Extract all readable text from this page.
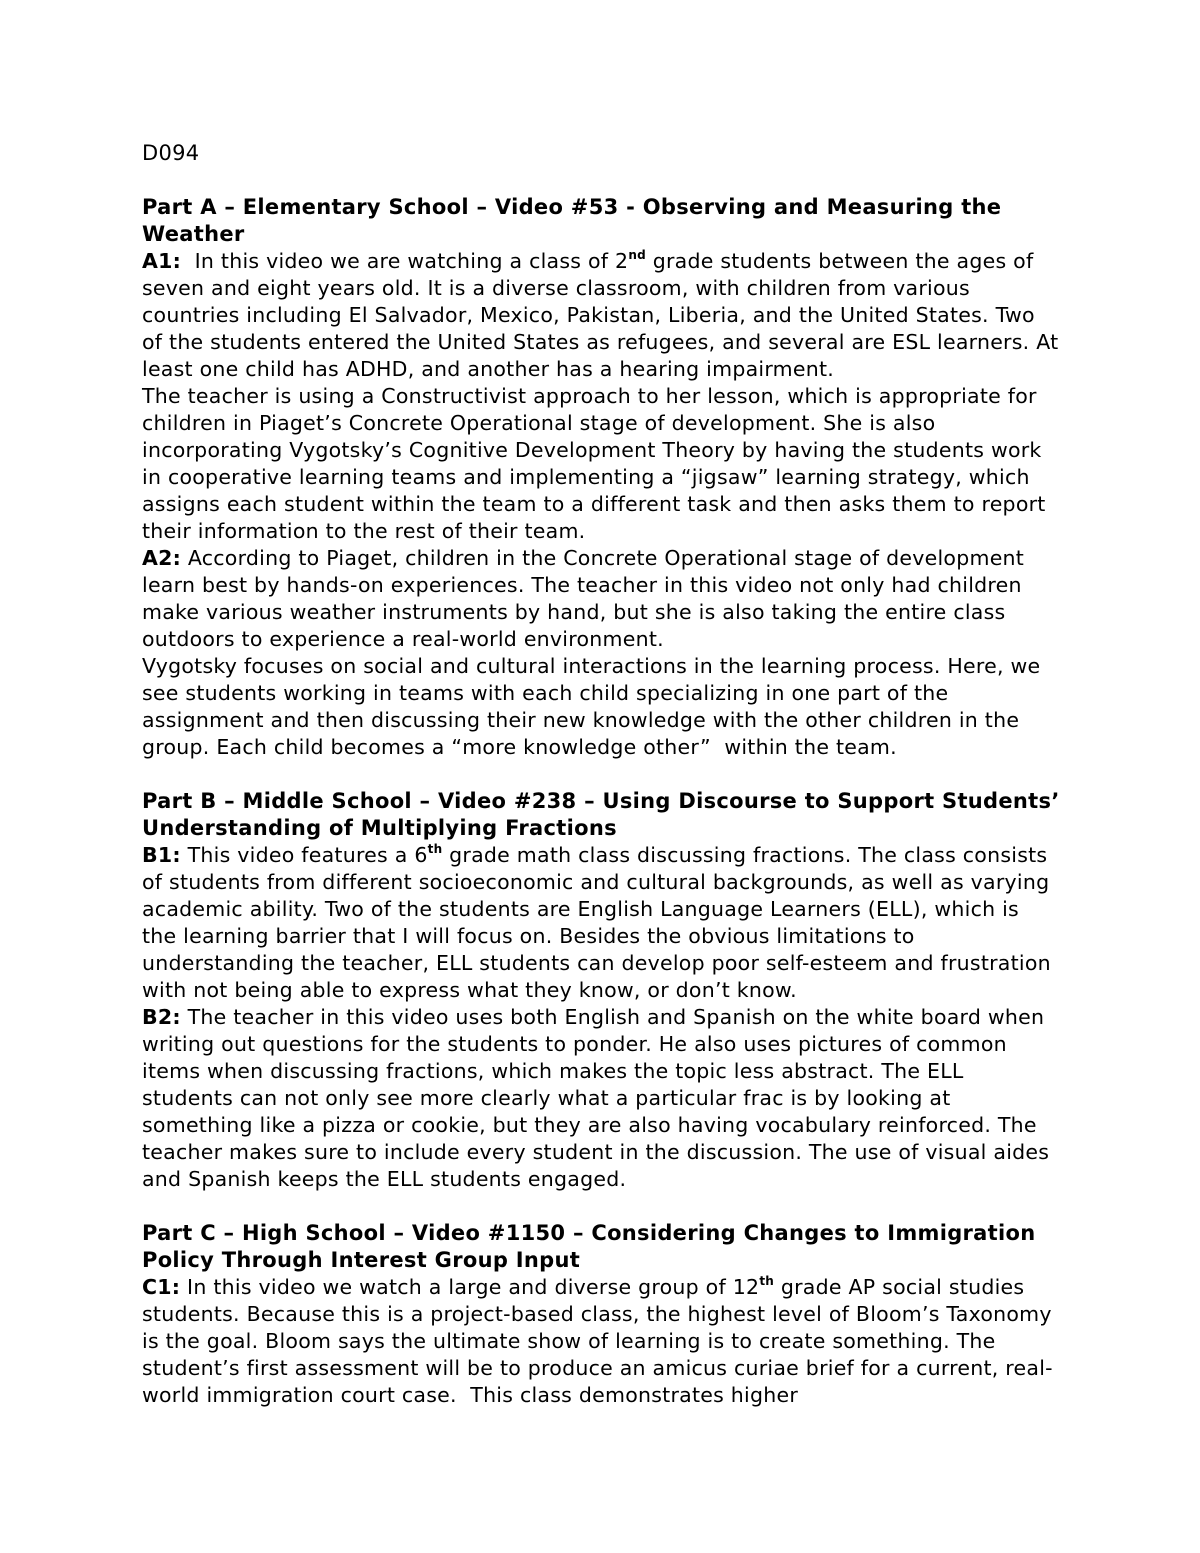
D094
Part A – Elementary School – Video #53 - Observing and Measuring the Weather

A1:  In this video we are watching a class of 2nd grade students between the ages of seven and eight years old. It is a diverse classroom, with children from various countries including El Salvador, Mexico, Pakistan, Liberia, and the United States. Two of the students entered the United States as refugees, and several are ESL learners. At least one child has ADHD, and another has a hearing impairment.

The teacher is using a Constructivist approach to her lesson, which is appropriate for children in Piaget’s Concrete Operational stage of development. She is also incorporating Vygotsky’s Cognitive Development Theory by having the students work in cooperative learning teams and implementing a “jigsaw” learning strategy, which assigns each student within the team to a different task and then asks them to report their information to the rest of their team.

A2: According to Piaget, children in the Concrete Operational stage of development learn best by hands-on experiences. The teacher in this video not only had children make various weather instruments by hand, but she is also taking the entire class outdoors to experience a real-world environment.

Vygotsky focuses on social and cultural interactions in the learning process. Here, we see students working in teams with each child specializing in one part of the assignment and then discussing their new knowledge with the other children in the group. Each child becomes a “more knowledge other”  within the team.

Part B – Middle School – Video #238 – Using Discourse to Support Students’ Understanding of Multiplying Fractions

B1: This video features a 6th grade math class discussing fractions. The class consists of students from different socioeconomic and cultural backgrounds, as well as varying academic ability. Two of the students are English Language Learners (ELL), which is the learning barrier that I will focus on. Besides the obvious limitations to understanding the teacher, ELL students can develop poor self-esteem and frustration with not being able to express what they know, or don’t know.

B2: The teacher in this video uses both English and Spanish on the white board when writing out questions for the students to ponder. He also uses pictures of common items when discussing fractions, which makes the topic less abstract. The ELL students can not only see more clearly what a particular frac is by looking at something like a pizza or cookie, but they are also having vocabulary reinforced. The teacher makes sure to include every student in the discussion. The use of visual aides and Spanish keeps the ELL students engaged.

Part C – High School – Video #1150 – Considering Changes to Immigration Policy Through Interest Group Input

C1: In this video we watch a large and diverse group of 12th grade AP social studies students. Because this is a project-based class, the highest level of Bloom’s Taxonomy is the goal. Bloom says the ultimate show of learning is to create something. The student’s first assessment will be to produce an amicus curiae brief for a current, real-world immigration court case.  This class demonstrates higher
